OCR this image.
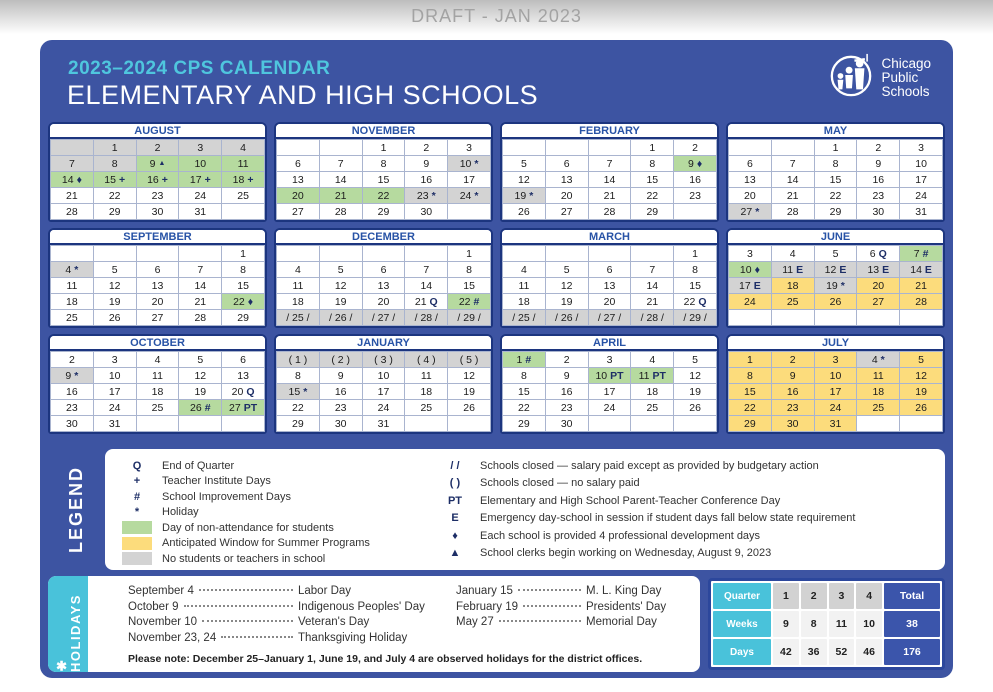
DRAFT - JAN 2023
2023–2024 CPS CALENDAR
ELEMENTARY AND HIGH SCHOOLS
Chicago
Public
Schools
AUGUST
	1	2	3	4
7	8	9 ▲	10	11
14 ♦	15 +	16 +	17 +	18 +
21	22	23	24	25
28	29	30	31	
NOVEMBER
		1	2	3
6	7	8	9	10 *
13	14	15	16	17
20	21	22	23 *	24 *
27	28	29	30	
FEBRUARY
			1	2
5	6	7	8	9 ♦
12	13	14	15	16
19 *	20	21	22	23
26	27	28	29	
MAY
		1	2	3
6	7	8	9	10
13	14	15	16	17
20	21	22	23	24
27 *	28	29	30	31
SEPTEMBER
				1
4 *	5	6	7	8
11	12	13	14	15
18	19	20	21	22 ♦
25	26	27	28	29
DECEMBER
				1
4	5	6	7	8
11	12	13	14	15
18	19	20	21 Q	22 #
/ 25 /	/ 26 /	/ 27 /	/ 28 /	/ 29 /
MARCH
				1
4	5	6	7	8
11	12	13	14	15
18	19	20	21	22 Q
/ 25 /	/ 26 /	/ 27 /	/ 28 /	/ 29 /
JUNE
3	4	5	6 Q	7 #
10 ♦	11 E	12 E	13 E	14 E
17 E	18	19 *	20	21
24	25	26	27	28

OCTOBER
2	3	4	5	6
9 *	10	11	12	13
16	17	18	19	20 Q
23	24	25	26 #	27 PT
30	31			
JANUARY
( 1 )	( 2 )	( 3 )	( 4 )	( 5 )
8	9	10	11	12
15 *	16	17	18	19
22	23	24	25	26
29	30	31		
APRIL
1 #	2	3	4	5
8	9	10 PT	11 PT	12
15	16	17	18	19
22	23	24	25	26
29	30			
JULY
1	2	3	4 *	5
8	9	10	11	12
15	16	17	18	19
22	23	24	25	26
29	30	31		
LEGEND
Q	End of Quarter
+	Teacher Institute Days
#	School Improvement Days
*	Holiday
Day of non-attendance for students
Anticipated Window for Summer Programs
No students or teachers in school
/ /	Schools closed — salary paid except as provided by budgetary action
( )	Schools closed — no salary paid
PT	Elementary and High School Parent-Teacher Conference Day
E	Emergency day-school in session if student days fall below state requirement
♦	Each school is provided 4 professional development days
▲	School clerks begin working on Wednesday, August 9, 2023
✱ HOLIDAYS
September 4	Labor Day
October 9	Indigenous Peoples' Day
November 10	Veteran's Day
November 23, 24	Thanksgiving Holiday
January 15	M. L. King Day
February 19	Presidents' Day
May 27	Memorial Day
Please note: December 25–January 1, June 19, and July 4 are observed holidays for the district offices.
Quarter	1	2	3	4	Total
Weeks	9	8	11	10	38
Days	42	36	52	46	176
